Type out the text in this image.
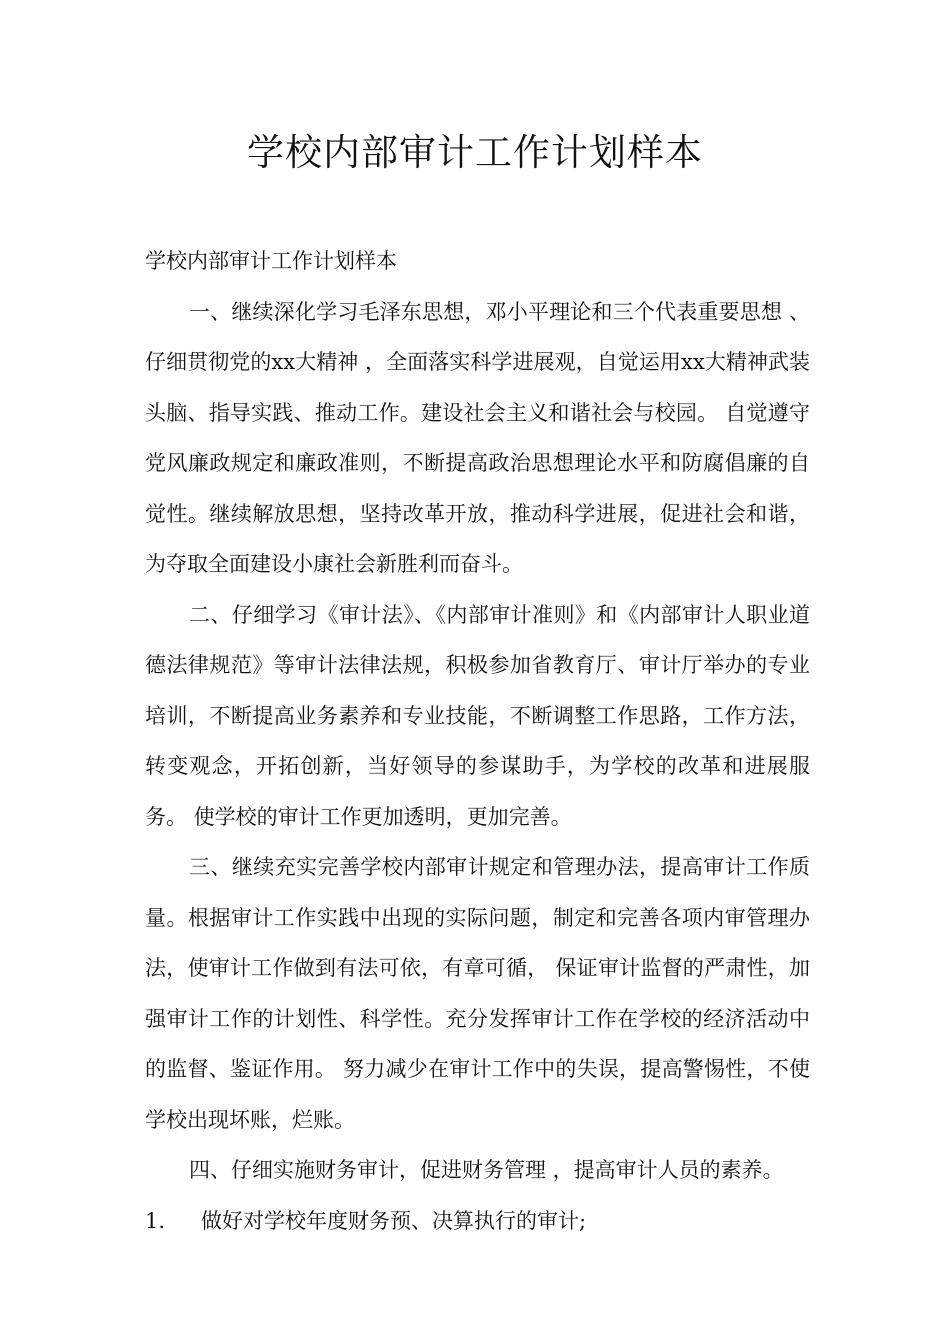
学校内部审计工作计划样本

学校内部审计工作计划样本

一、继续深化学习毛泽东思想，邓小平理论和三个代表重要思想 、仔细贯彻党的xx大精神 ，全面落实科学进展观，自觉运用xx大精神武装头脑、指导实践、推动工作。建设社会主义和谐社会与校园。 自觉遵守党风廉政规定和廉政准则，不断提高政治思想理论水平和防腐倡廉的自觉性。继续解放思想，坚持改革开放，推动科学进展，促进社会和谐，为夺取全面建设小康社会新胜利而奋斗。

二、仔细学习《审计法》、《内部审计准则》和《内部审计人职业道德法律规范》等审计法律法规，积极参加省教育厅、审计厅举办的专业培训，不断提高业务素养和专业技能，不断调整工作思路，工作方法，转变观念，开拓创新，当好领导的参谋助手，为学校的改革和进展服务。 使学校的审计工作更加透明，更加完善。

三、继续充实完善学校内部审计规定和管理办法，提高审计工作质量。根据审计工作实践中出现的实际问题，制定和完善各项内审管理办法，使审计工作做到有法可依，有章可循， 保证审计监督的严肃性，加强审计工作的计划性、科学性。充分发挥审计工作在学校的经济活动中的监督、鉴证作用。 努力减少在审计工作中的失误，提高警惕性，不使学校出现坏账，烂账。

四、仔细实施财务审计，促进财务管理 ，提高审计人员的素养。

1. 做好对学校年度财务预、决算执行的审计;
